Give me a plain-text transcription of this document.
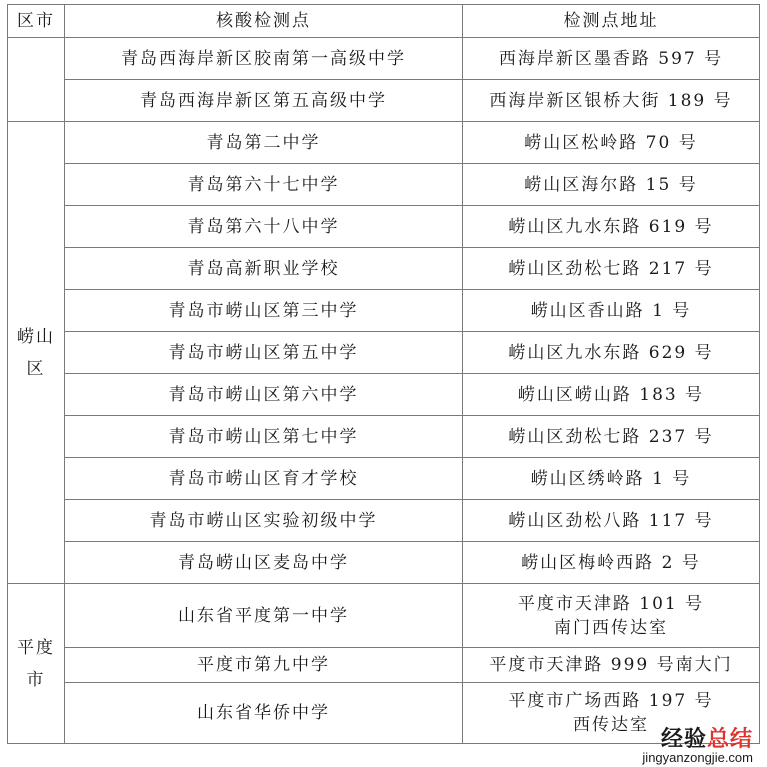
区市	核酸检测点	检测点地址
	青岛西海岸新区胶南第一高级中学	西海岸新区墨香路 597 号
	青岛西海岸新区第五高级中学	西海岸新区银桥大街 189 号
崂山区	青岛第二中学	崂山区松岭路 70 号
	青岛第六十七中学	崂山区海尔路 15 号
	青岛第六十八中学	崂山区九水东路 619 号
	青岛高新职业学校	崂山区劲松七路 217 号
	青岛市崂山区第三中学	崂山区香山路 1 号
	青岛市崂山区第五中学	崂山区九水东路 629 号
	青岛市崂山区第六中学	崂山区崂山路 183 号
	青岛市崂山区第七中学	崂山区劲松七路 237 号
	青岛市崂山区育才学校	崂山区绣岭路 1 号
	青岛市崂山区实验初级中学	崂山区劲松八路 117 号
	青岛崂山区麦岛中学	崂山区梅岭西路 2 号
平度市	山东省平度第一中学	平度市天津路 101 号
南门西传达室

	平度市第九中学	平度市天津路 999 号南大门
	山东省华侨中学	平度市广场西路 197 号
西传达室
经验总结
jingyanzongjie.com
